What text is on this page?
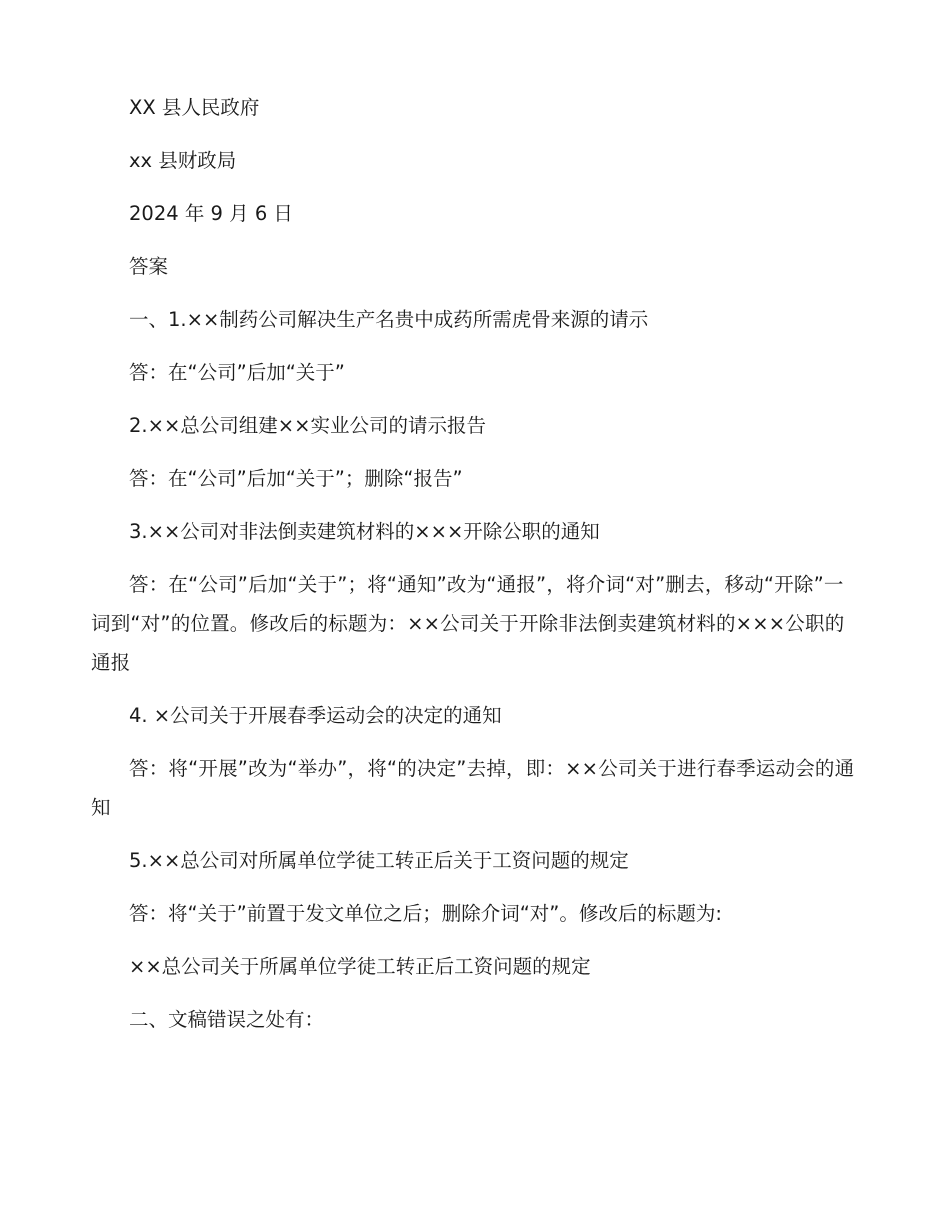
XX 县人民政府

xx 县财政局

2024 年 9 月 6 日

答案

一、1.××制药公司解决生产名贵中成药所需虎骨来源的请示

答：在“公司”后加“关于”

2.××总公司组建××实业公司的请示报告

答：在“公司”后加“关于”；删除“报告”

3.××公司对非法倒卖建筑材料的×××开除公职的通知

答：在“公司”后加“关于”；将“通知”改为“通报”，将介词“对”删去，移动“开除”一词到“对”的位置。修改后的标题为：××公司关于开除非法倒卖建筑材料的×××公职的通报

4. ×公司关于开展春季运动会的决定的通知

答：将“开展”改为“举办”，将“的决定”去掉，即：××公司关于进行春季运动会的通知

5.××总公司对所属单位学徒工转正后关于工资问题的规定

答：将“关于”前置于发文单位之后；删除介词“对”。修改后的标题为:

××总公司关于所属单位学徒工转正后工资问题的规定

二、文稿错误之处有：
